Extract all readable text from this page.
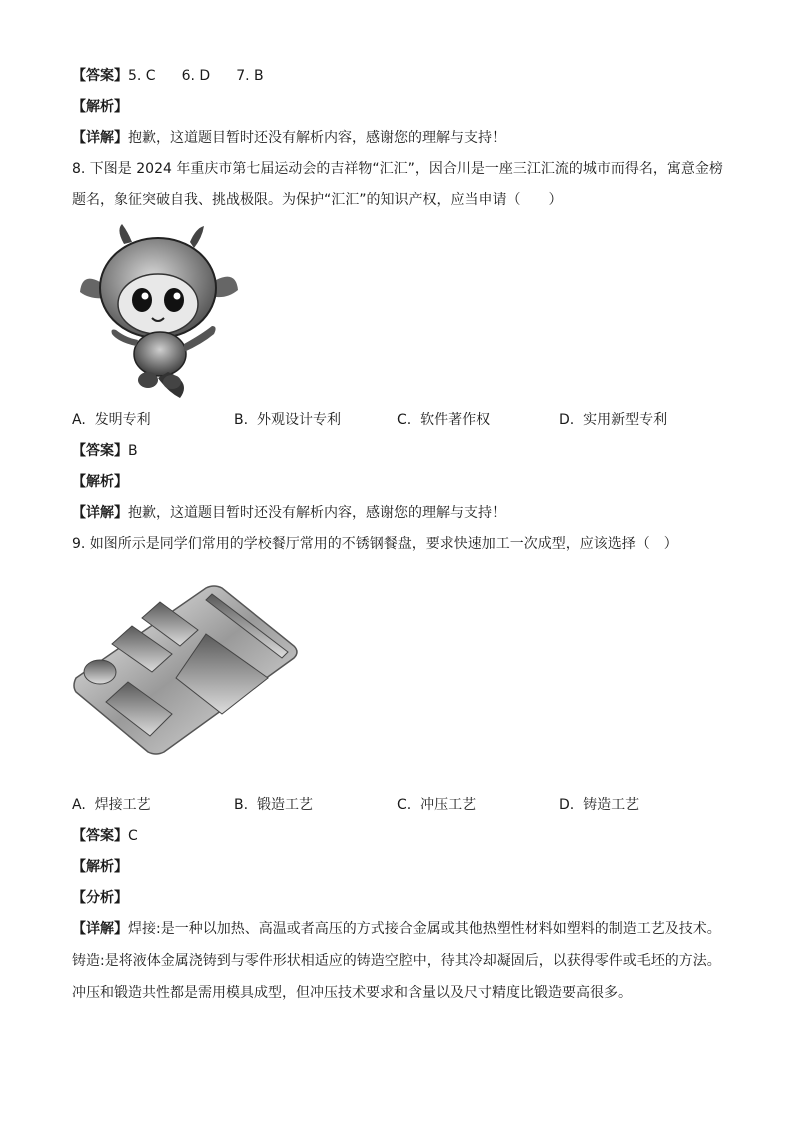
【答案】5. C 6. D 7. B
【解析】
【详解】抱歉，这道题目暂时还没有解析内容，感谢您的理解与支持！
8. 下图是 2024 年重庆市第七届运动会的吉祥物“汇汇”，因合川是一座三江汇流的城市而得名，寓意金榜
题名，象征突破自我、挑战极限。为保护“汇汇”的知识产权，应当申请（　　）
A. 发明专利	B. 外观设计专利	C. 软件著作权	D. 实用新型专利
【答案】B
【解析】
【详解】抱歉，这道题目暂时还没有解析内容，感谢您的理解与支持！
9. 如图所示是同学们常用的学校餐厅常用的不锈钢餐盘，要求快速加工一次成型，应该选择（　）
A. 焊接工艺	B. 锻造工艺	C. 冲压工艺	D. 铸造工艺
【答案】C
【解析】
【分析】
【详解】焊接:是一种以加热、高温或者高压的方式接合金属或其他热塑性材料如塑料的制造工艺及技术。
铸造:是将液体金属浇铸到与零件形状相适应的铸造空腔中，待其冷却凝固后，以获得零件或毛坯的方法。
冲压和锻造共性都是需用模具成型，但冲压技术要求和含量以及尺寸精度比锻造要高很多。
